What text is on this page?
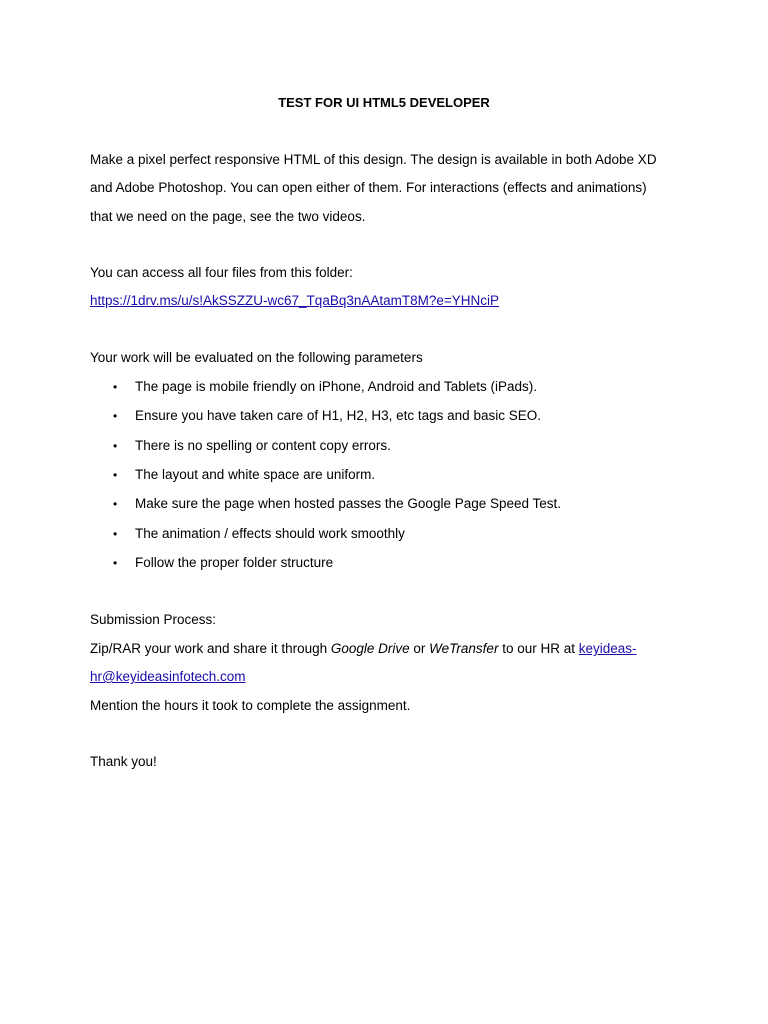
TEST FOR UI HTML5 DEVELOPER

Make a pixel perfect responsive HTML of this design. The design is available in both Adobe XD

and Adobe Photoshop. You can open either of them. For interactions (effects and animations)

that we need on the page, see the two videos.

You can access all four files from this folder:

https://1drv.ms/u/s!AkSSZZU-wc67_TqaBq3nAAtamT8M?e=YHNciP

Your work will be evaluated on the following parameters

• The page is mobile friendly on iPhone, Android and Tablets (iPads).
• Ensure you have taken care of H1, H2, H3, etc tags and basic SEO.
• There is no spelling or content copy errors.
• The layout and white space are uniform.
• Make sure the page when hosted passes the Google Page Speed Test.
• The animation / effects should work smoothly
• Follow the proper folder structure

Submission Process:

Zip/RAR your work and share it through Google Drive or WeTransfer to our HR at keyideas-

hr@keyideasinfotech.com

Mention the hours it took to complete the assignment.

Thank you!
